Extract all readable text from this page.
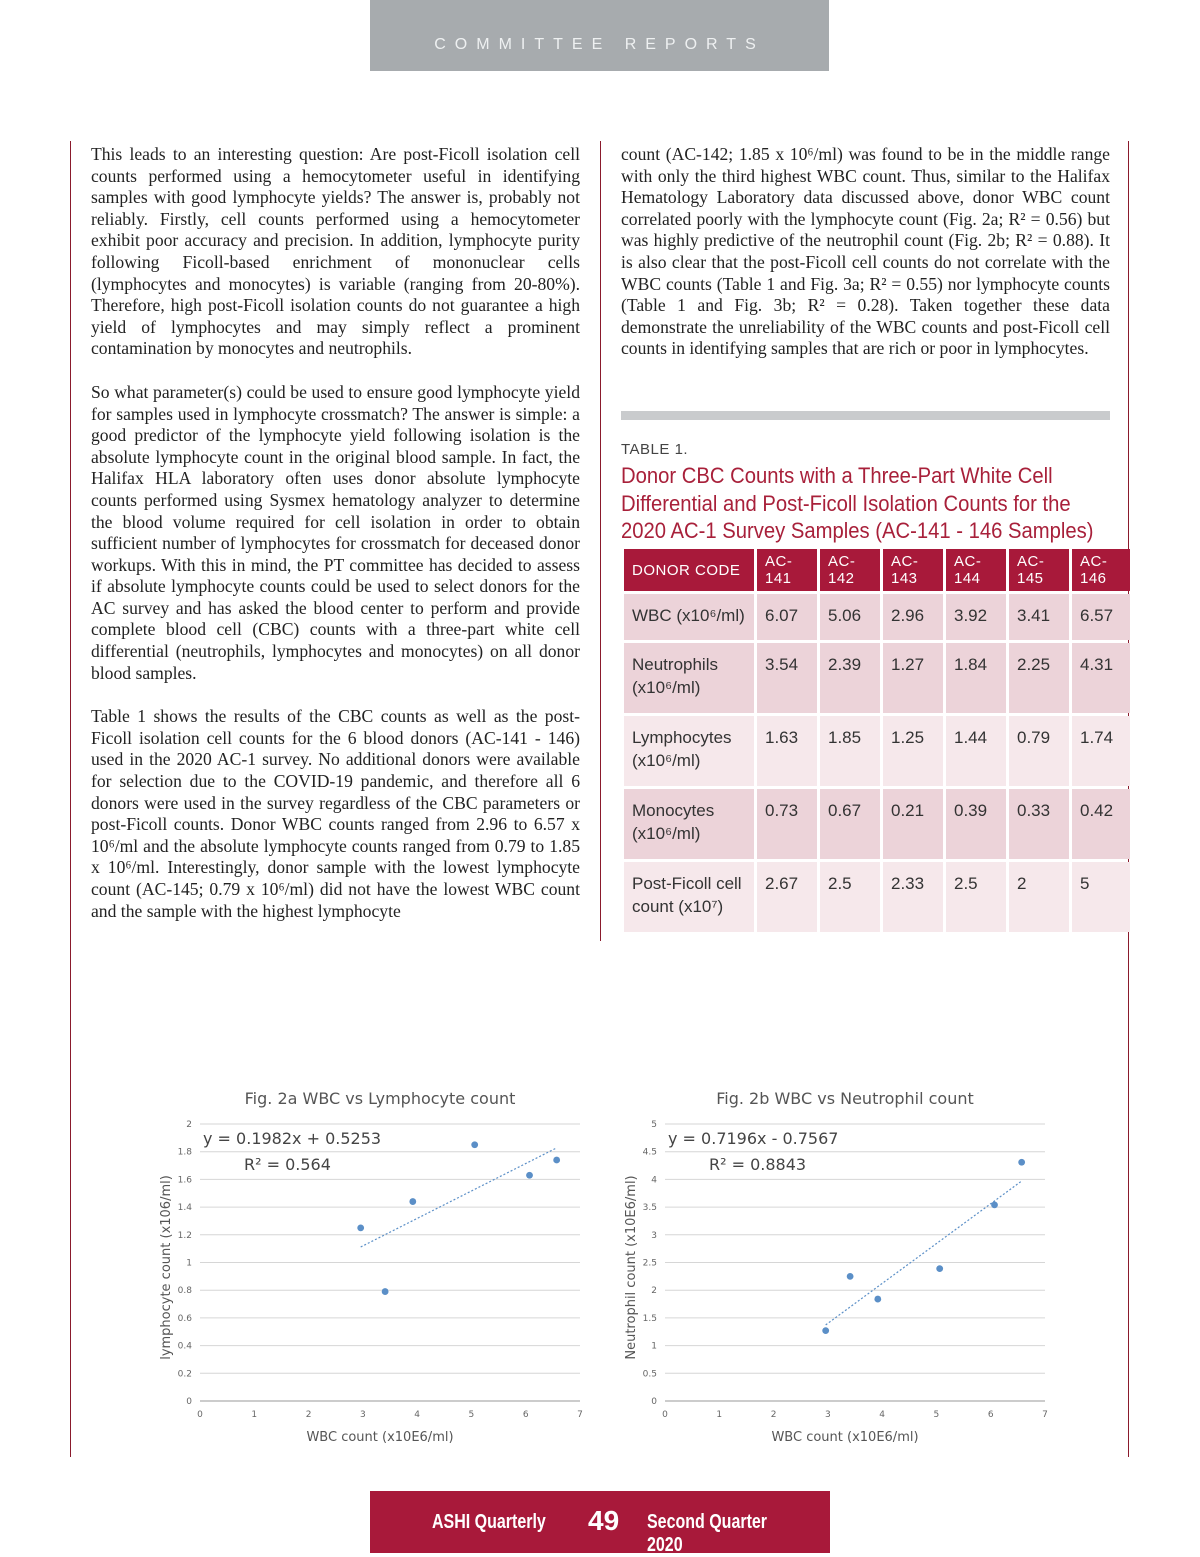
COMMITTEE REPORTS

This leads to an interesting question: Are post-Ficoll isolation cell counts performed using a hemocytometer useful in identifying samples with good lymphocyte yields? The answer is, probably not reliably. Firstly, cell counts performed using a hemocytometer exhibit poor accuracy and precision. In addition, lymphocyte purity following Ficoll-based enrichment of mononuclear cells (lymphocytes and monocytes) is variable (ranging from 20-80%). Therefore, high post-Ficoll isolation counts do not guarantee a high yield of lymphocytes and may simply reflect a prominent contamination by monocytes and neutrophils.

So what parameter(s) could be used to ensure good lymphocyte yield for samples used in lymphocyte crossmatch? The answer is simple: a good predictor of the lymphocyte yield following isolation is the absolute lymphocyte count in the original blood sample. In fact, the Halifax HLA laboratory often uses donor absolute lymphocyte counts performed using Sysmex hematology analyzer to determine the blood volume required for cell isolation in order to obtain sufficient number of lymphocytes for crossmatch for deceased donor workups. With this in mind, the PT committee has decided to assess if absolute lymphocyte counts could be used to select donors for the AC survey and has asked the blood center to perform and provide complete blood cell (CBC) counts with a three-part white cell differential (neutrophils, lymphocytes and monocytes) on all donor blood samples.

Table 1 shows the results of the CBC counts as well as the post-Ficoll isolation cell counts for the 6 blood donors (AC-141 - 146) used in the 2020 AC-1 survey. No additional donors were available for selection due to the COVID-19 pandemic, and therefore all 6 donors were used in the survey regardless of the CBC parameters or post-Ficoll counts. Donor WBC counts ranged from 2.96 to 6.57 x 10⁶/ml and the absolute lymphocyte counts ranged from 0.79 to 1.85 x 10⁶/ml. Interestingly, donor sample with the lowest lymphocyte count (AC-145; 0.79 x 10⁶/ml) did not have the lowest WBC count and the sample with the highest lymphocyte

count (AC-142; 1.85 x 10⁶/ml) was found to be in the middle range with only the third highest WBC count. Thus, similar to the Halifax Hematology Laboratory data discussed above, donor WBC count correlated poorly with the lymphocyte count (Fig. 2a; R² = 0.56) but was highly predictive of the neutrophil count (Fig. 2b; R² = 0.88). It is also clear that the post-Ficoll cell counts do not correlate with the WBC counts (Table 1 and Fig. 3a; R² = 0.55) nor lymphocyte counts (Table 1 and Fig. 3b; R² = 0.28). Taken together these data demonstrate the unreliability of the WBC counts and post-Ficoll cell counts in identifying samples that are rich or poor in lymphocytes.

TABLE 1.
Donor CBC Counts with a Three-Part White Cell Differential and Post-Ficoll Isolation Counts for the 2020 AC-1 Survey Samples (AC-141 - 146 Samples)
DONOR CODE	AC-141	AC-142	AC-143	AC-144	AC-145	AC-146
WBC (x10⁶/ml)	6.07	5.06	2.96	3.92	3.41	6.57
Neutrophils (x10⁶/ml)	3.54	2.39	1.27	1.84	2.25	4.31
Lymphocytes (x10⁶/ml)	1.63	1.85	1.25	1.44	0.79	1.74
Monocytes (x10⁶/ml)	0.73	0.67	0.21	0.39	0.33	0.42
Post-Ficoll cell count (x10⁷)	2.67	2.5	2.33	2.5	2	5
Fig. 2a WBC vs Lymphocyte count
0
0.2
0.4
0.6
0.8
1
1.2
1.4
1.6
1.8
2
0	1	2	3	4	5	6	7
WBC count (x10E6/ml)
lymphocyte count (x106/ml)
y = 0.1982x + 0.5253
R² = 0.564
Fig. 2b WBC vs Neutrophil count
0
0.5
1
1.5
2
2.5
3
3.5
4
4.5
5
0	1	2	3	4	5	6	7
WBC count (x10E6/ml)
Neutrophil count (x10E6/ml)
y = 0.7196x - 0.7567
R² = 0.8843
ASHI Quarterly 49 Second Quarter 2020
